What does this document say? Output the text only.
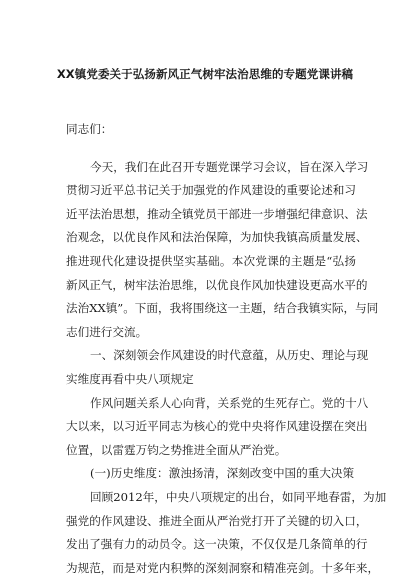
XX镇党委关于弘扬新风正气树牢法治思维的专题党课讲稿
同志们：
今天，我们在此召开专题党课学习会议，旨在深入学习
贯彻习近平总书记关于加强党的作风建设的重要论述和习
近平法治思想，推动全镇党员干部进一步增强纪律意识、法
治观念，以优良作风和法治保障，为加快我镇高质量发展、
推进现代化建设提供坚实基础。本次党课的主题是“弘扬
新风正气，树牢法治思维，以优良作风加快建设更高水平的
法治XX镇”。下面，我将围绕这一主题，结合我镇实际，与同
志们进行交流。
一、深刻领会作风建设的时代意蕴，从历史、理论与现
实维度再看中央八项规定
作风问题关系人心向背，关系党的生死存亡。党的十八
大以来，以习近平同志为核心的党中央将作风建设摆在突出
位置，以雷霆万钧之势推进全面从严治党。
(一)历史维度：激浊扬清，深刻改变中国的重大决策
回顾2012年，中央八项规定的出台，如同平地春雷，为加
强党的作风建设、推进全面从严治党打开了关键的切入口，
发出了强有力的动员令。这一决策，不仅仅是几条简单的行
为规范，而是对党内积弊的深刻洞察和精准亮剑。十多年来，
